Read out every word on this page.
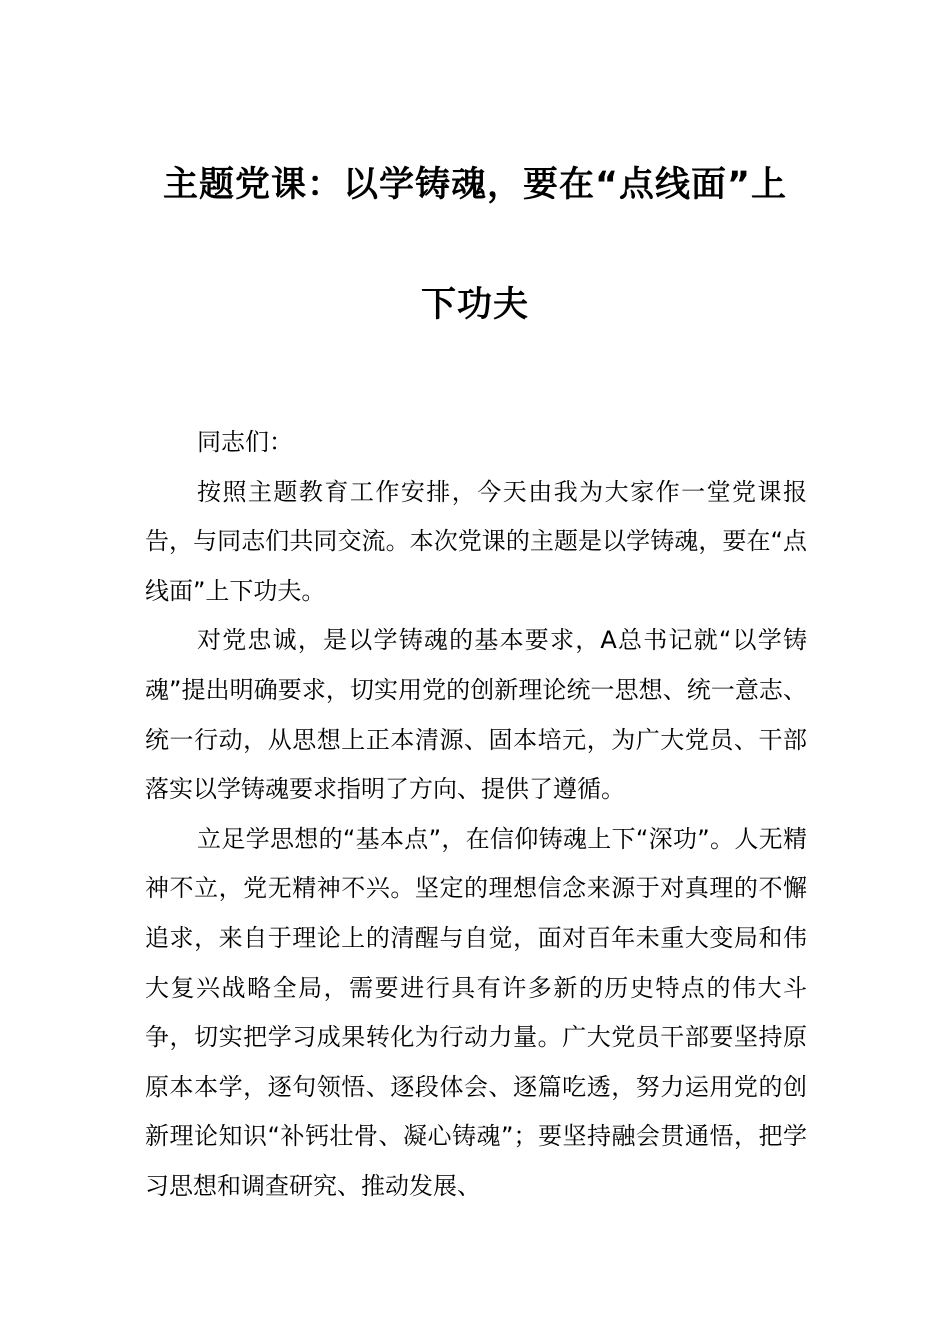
主题党课：以学铸魂，要在“点线面”上
下功夫

同志们：

按照主题教育工作安排，今天由我为大家作一堂党课报告，与同志们共同交流。本次党课的主题是以学铸魂，要在“点线面”上下功夫。

对党忠诚，是以学铸魂的基本要求，A总书记就“以学铸魂”提出明确要求，切实用党的创新理论统一思想、统一意志、统一行动，从思想上正本清源、固本培元，为广大党员、干部落实以学铸魂要求指明了方向、提供了遵循。

立足学思想的“基本点”，在信仰铸魂上下“深功”。人无精神不立，党无精神不兴。坚定的理想信念来源于对真理的不懈追求，来自于理论上的清醒与自觉，面对百年未重大变局和伟大复兴战略全局，需要进行具有许多新的历史特点的伟大斗争，切实把学习成果转化为行动力量。广大党员干部要坚持原原本本学，逐句领悟、逐段体会、逐篇吃透，努力运用党的创新理论知识“补钙壮骨、凝心铸魂”；要坚持融会贯通悟，把学习思想和调查研究、推动发展、
